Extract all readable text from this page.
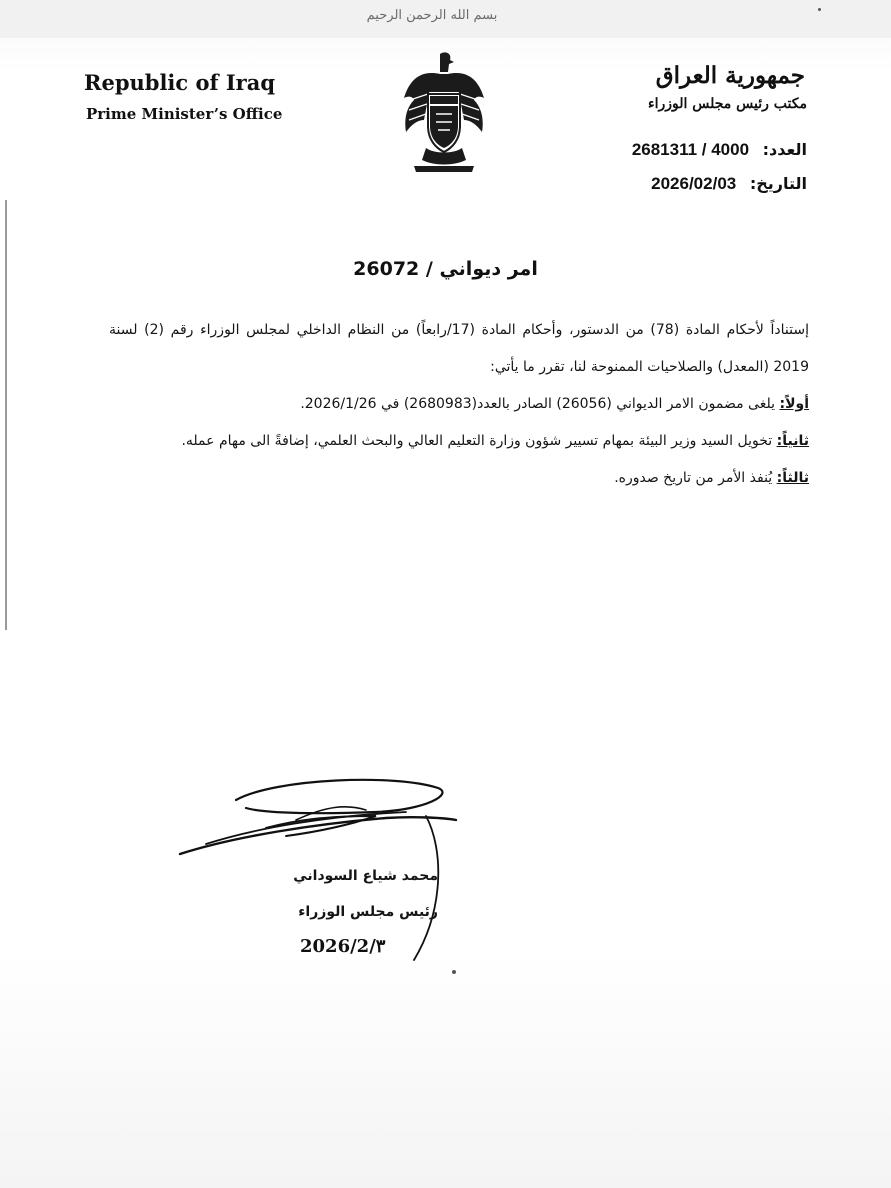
بسم الله الرحمن الرحيم
Republic of Iraq
Prime Minister’s Office
جمهورية العراق
مكتب رئيس مجلس الوزراء
العدد: 2681311 / 4000
التاريخ: 2026/02/03
امر ديواني / 26072

إستناداً لأحكام المادة (78) من الدستور، وأحكام المادة (17/رابعاً) من النظام الداخلي لمجلس الوزراء رقم (2) لسنة 2019 (المعدل) والصلاحيات الممنوحة لنا، تقرر ما يأتي:

أولاً: يلغى مضمون الامر الديواني (26056) الصادر بالعدد(2680983) في 2026/1/26.

ثانياً: تخويل السيد وزير البيئة بمهام تسيير شؤون وزارة التعليم العالي والبحث العلمي، إضافةً الى مهام عمله.

ثالثاً: يُنفذ الأمر من تاريخ صدوره.

محمد شياع السوداني
رئيس مجلس الوزراء
2026/2/٣
